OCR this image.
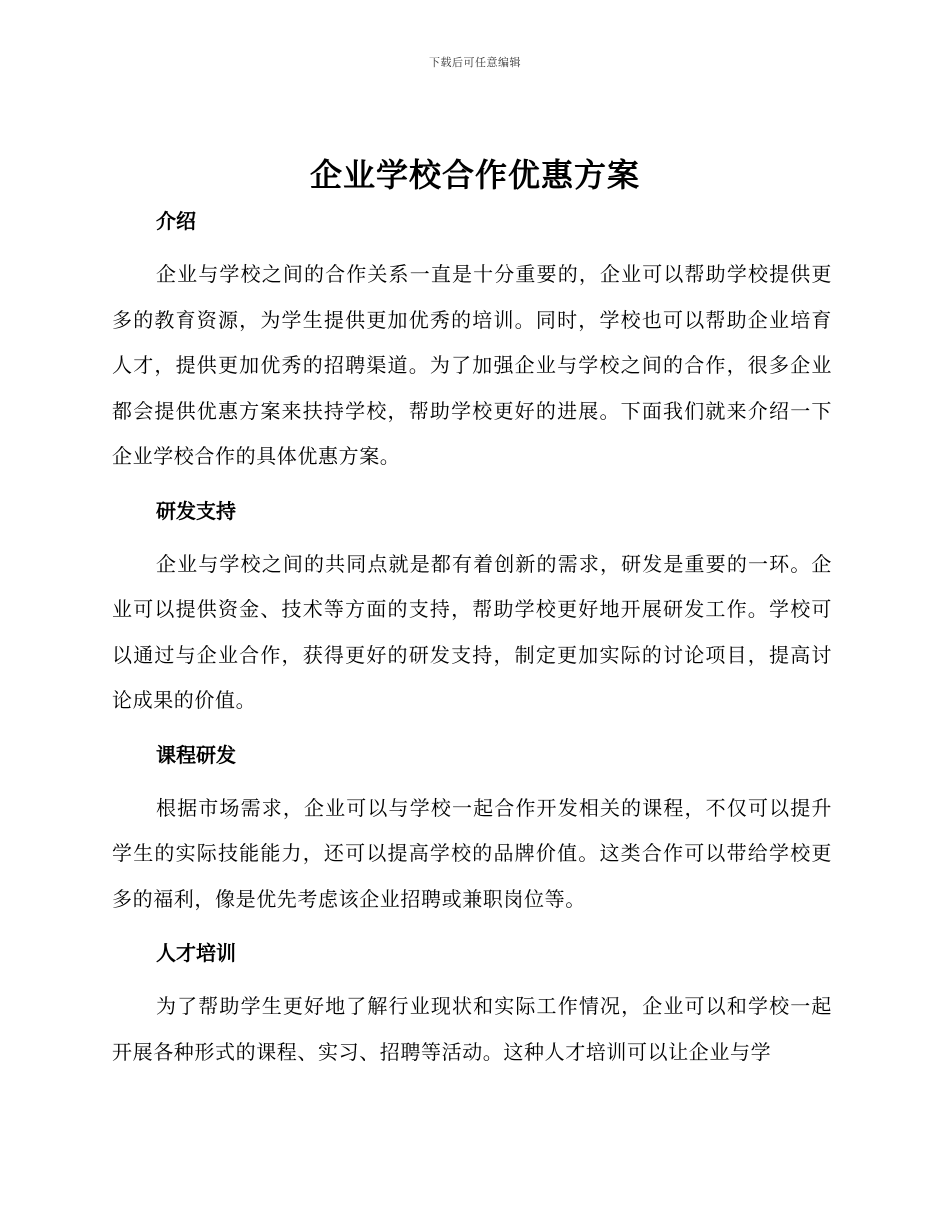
下载后可任意编辑
企业学校合作优惠方案
介绍

企业与学校之间的合作关系一直是十分重要的，企业可以帮助学校提供更多的教育资源，为学生提供更加优秀的培训。同时，学校也可以帮助企业培育人才，提供更加优秀的招聘渠道。为了加强企业与学校之间的合作，很多企业都会提供优惠方案来扶持学校，帮助学校更好的进展。下面我们就来介绍一下企业学校合作的具体优惠方案。

研发支持

企业与学校之间的共同点就是都有着创新的需求，研发是重要的一环。企业可以提供资金、技术等方面的支持，帮助学校更好地开展研发工作。学校可以通过与企业合作，获得更好的研发支持，制定更加实际的讨论项目，提高讨论成果的价值。

课程研发

根据市场需求，企业可以与学校一起合作开发相关的课程，不仅可以提升学生的实际技能能力，还可以提高学校的品牌价值。这类合作可以带给学校更多的福利，像是优先考虑该企业招聘或兼职岗位等。

人才培训

为了帮助学生更好地了解行业现状和实际工作情况，企业可以和学校一起开展各种形式的课程、实习、招聘等活动。这种人才培训可以让企业与学
